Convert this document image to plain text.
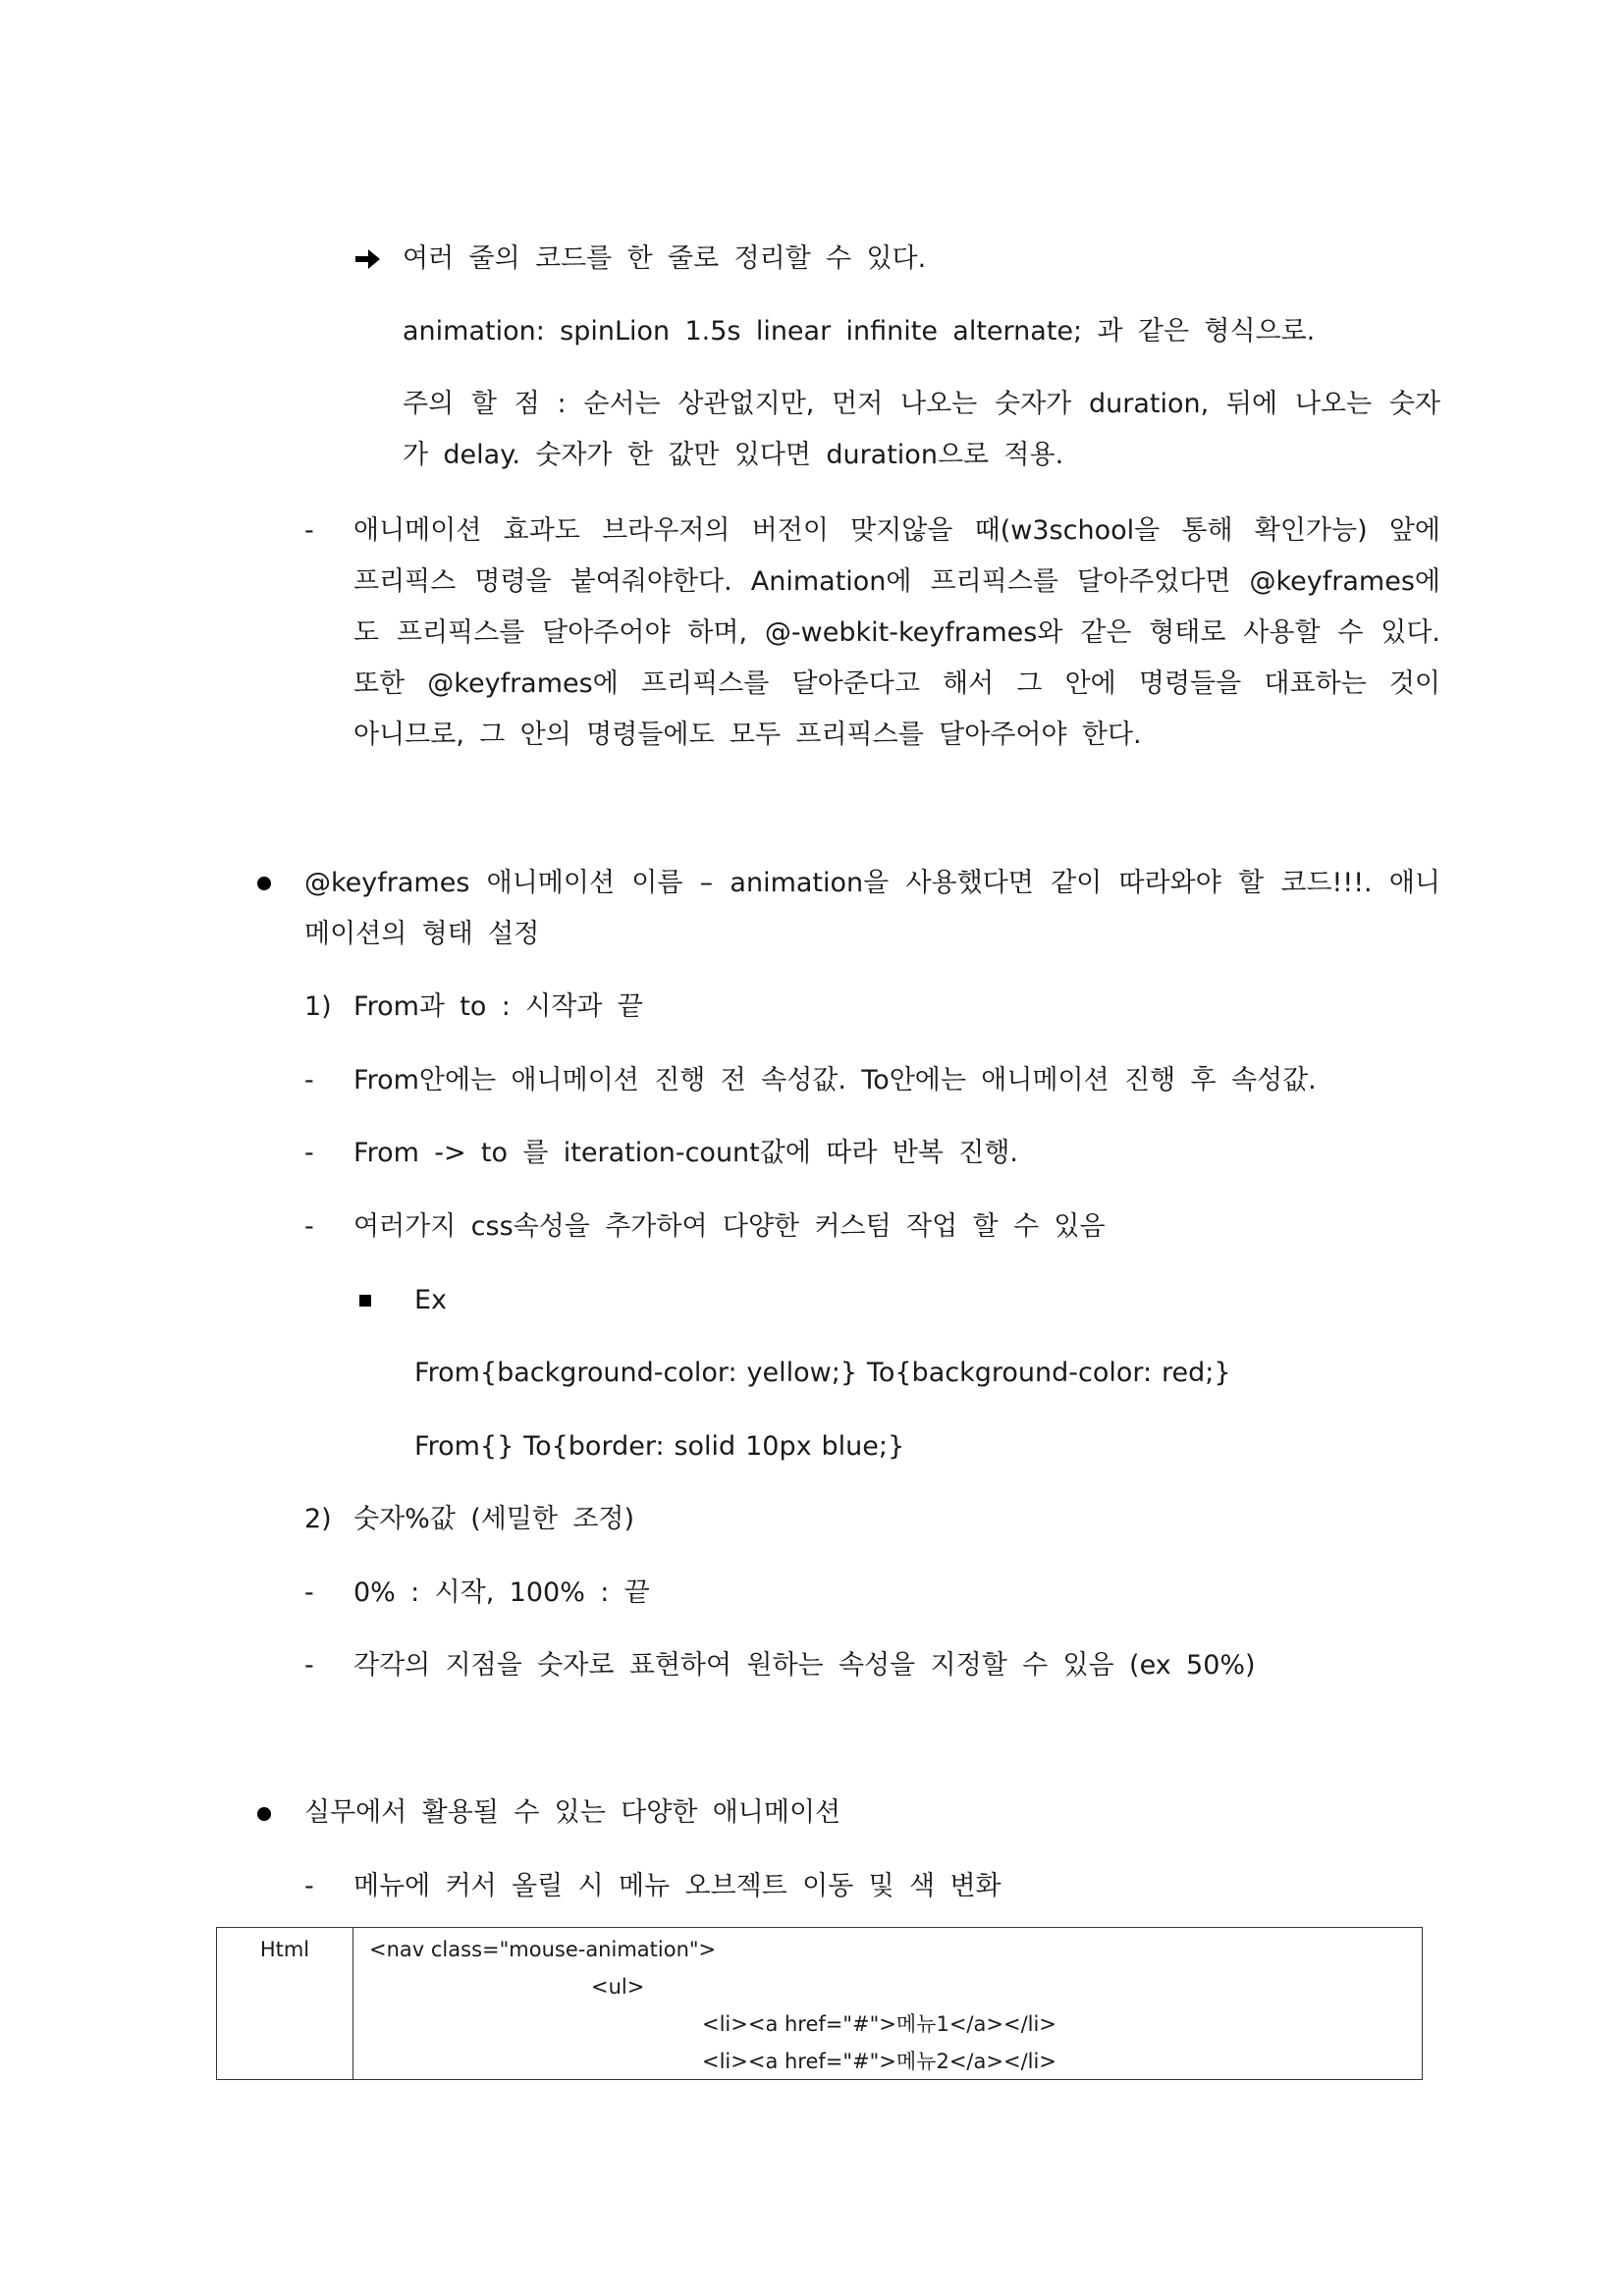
여러 줄의 코드를 한 줄로 정리할 수 있다.
animation: spinLion 1.5s linear infinite alternate; 과 같은 형식으로.
주의 할 점 : 순서는 상관없지만, 먼저 나오는 숫자가 duration, 뒤에 나오는 숫자
가 delay. 숫자가 한 값만 있다면 duration으로 적용.
- 애니메이션 효과도 브라우저의 버전이 맞지않을 때(w3school을 통해 확인가능) 앞에
프리픽스 명령을 붙여줘야한다. Animation에 프리픽스를 달아주었다면 @keyframes에
도 프리픽스를 달아주어야 하며, @-webkit-keyframes와 같은 형태로 사용할 수 있다.
또한 @keyframes에 프리픽스를 달아준다고 해서 그 안에 명령들을 대표하는 것이
아니므로, 그 안의 명령들에도 모두 프리픽스를 달아주어야 한다.
@keyframes 애니메이션 이름 – animation을 사용했다면 같이 따라와야 할 코드!!!. 애니
메이션의 형태 설정
1) From과 to : 시작과 끝
- From안에는 애니메이션 진행 전 속성값. To안에는 애니메이션 진행 후 속성값.
- From -> to 를 iteration-count값에 따라 반복 진행.
- 여러가지 css속성을 추가하여 다양한 커스텀 작업 할 수 있음
Ex
From{background-color: yellow;} To{background-color: red;}
From{} To{border: solid 10px blue;}
2) 숫자%값 (세밀한 조정)
- 0% : 시작, 100% : 끝
- 각각의 지점을 숫자로 표현하여 원하는 속성을 지정할 수 있음 (ex 50%)
실무에서 활용될 수 있는 다양한 애니메이션
- 메뉴에 커서 올릴 시 메뉴 오브젝트 이동 및 색 변화
Html	<nav class="mouse-animation">
<ul>
<li><a href="#">메뉴1</a></li>
<li><a href="#">메뉴2</a></li>
